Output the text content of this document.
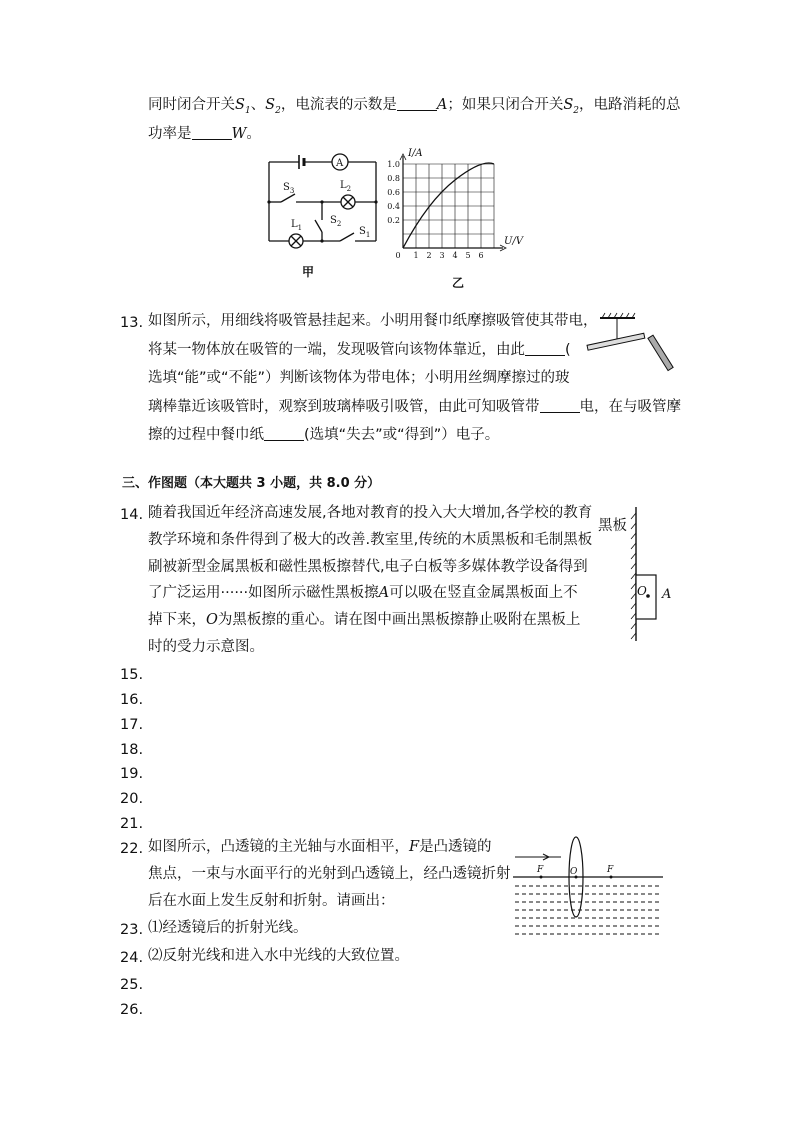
同时闭合开关$S_1$、$S_2$，电流表的示数是	A；如果只闭合开关$S_2$，电路消耗的总
功率是	W。
A
$S_3$	$L_2$
$S_2$
$L_1$	$S_1$
甲
I/A
U/V
1.0
0.8
0.6
0.4
0.2
0 1 2 3 4 5 6
乙
13. 如图所示，用细线将吸管悬挂起来。小明用餐巾纸摩擦吸管使其带电，
将某一物体放在吸管的一端，发现吸管向该物体靠近，由此	(
选填“能”或“不能”）判断该物体为带电体；小明用丝绸摩擦过的玻
璃棒靠近该吸管时，观察到玻璃棒吸引吸管，由此可知吸管带	电，在与吸管摩
擦的过程中餐巾纸	(选填“失去”或“得到”）电子。
三、作图题（本大题共 3 小题，共 8.0 分）
14. 随着我国近年经济高速发展,各地对教育的投入大大增加,各学校的教育
教学环境和条件得到了极大的改善.教室里,传统的木质黑板和毛制黑板
刷被新型金属黑板和磁性黑板擦替代,电子白板等多媒体教学设备得到
了广泛运用······如图所示磁性黑板擦A可以吸在竖直金属黑板面上不
掉下来，O为黑板擦的重心。请在图中画出黑板擦静止吸附在黑板上
时的受力示意图。
黑板
O A
15.
16.
17.
18.
19.
20.
21.
22. 如图所示，凸透镜的主光轴与水面相平，F是凸透镜的
焦点，一束与水面平行的光射到凸透镜上，经凸透镜折射
后在水面上发生反射和折射。请画出：
F	O	F
23. ⑴经透镜后的折射光线。
24. ⑵反射光线和进入水中光线的大致位置。
25.
26.
